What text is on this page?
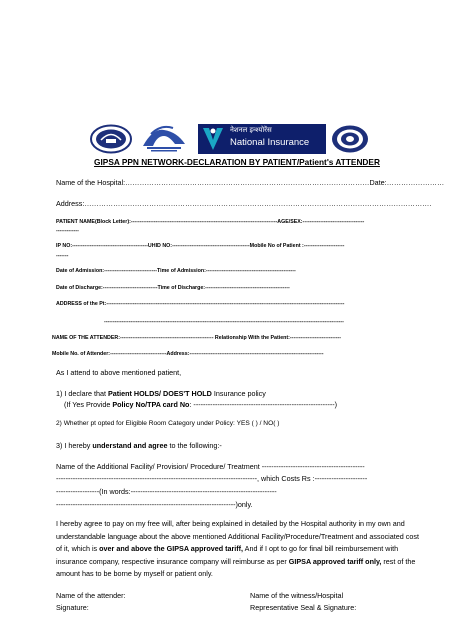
नेशनल इन्श्योरेंस
National Insurance
GIPSA PPN NETWORK-DECLARATION BY PATIENT/Patient's ATTENDER
Name of the Hospital:…………………………………………………………………………………………Date:……………………
Address:……………………………………………………………………………………………………………………………….
PATIENT NAME(Block Letter):-----------------------------------------------------------------------------------AGE/SEX:-----------------------------------
-------------
IP NO:-------------------------------------------UHID NO:--------------------------------------------Mobile No of Patient :-----------------------
-------
Date of Admission:------------------------------Time of Admission:---------------------------------------------------
Date of Discharge:-------------------------------Time of Discharge:------------------------------------------------
ADDRESS of the Pt:---------------------------------------------------------------------------------------------------------------------------------------
----------------------------------------------------------------------------------------------------------------------------------------
NAME OF THE ATTENDER:----------------------------------------------------- Relationship With the Patient:-----------------------------
Mobile No. of Attender:--------------------------------Address:----------------------------------------------------------------------------
As I attend to above mentioned patient,
1) I declare that Patient HOLDS/ DOES'T HOLD Insurance policy
(If Yes Provide Policy No/TPA card No: -----------------------------------------------------------)
2) Whether pt opted for Eligible Room Category under Policy: YES ( ) / NO( )
3) I hereby understand and agree to the following:-
Name of the Additional Facility/ Provision/ Procedure/ Treatment -------------------------------------------
------------------------------------------------------------------------------------, which Costs Rs :----------------------
------------------(In words:-------------------------------------------------------------
---------------------------------------------------------------------------)only.
I hereby agree to pay on my free will, after being explained in detailed by the Hospital authority in my own and understandable language about the above mentioned Additional Facility/Procedure/Treatment and associated cost of it, which is over and above the GIPSA approved tariff, And if I opt to go for final bill reimbursement with insurance company, respective insurance company will reimburse as per GIPSA approved tariff only, rest of the amount has to be borne by myself or patient only.
Name of the attender:
Signature:
Name of the witness/Hospital
Representative Seal & Signature:
